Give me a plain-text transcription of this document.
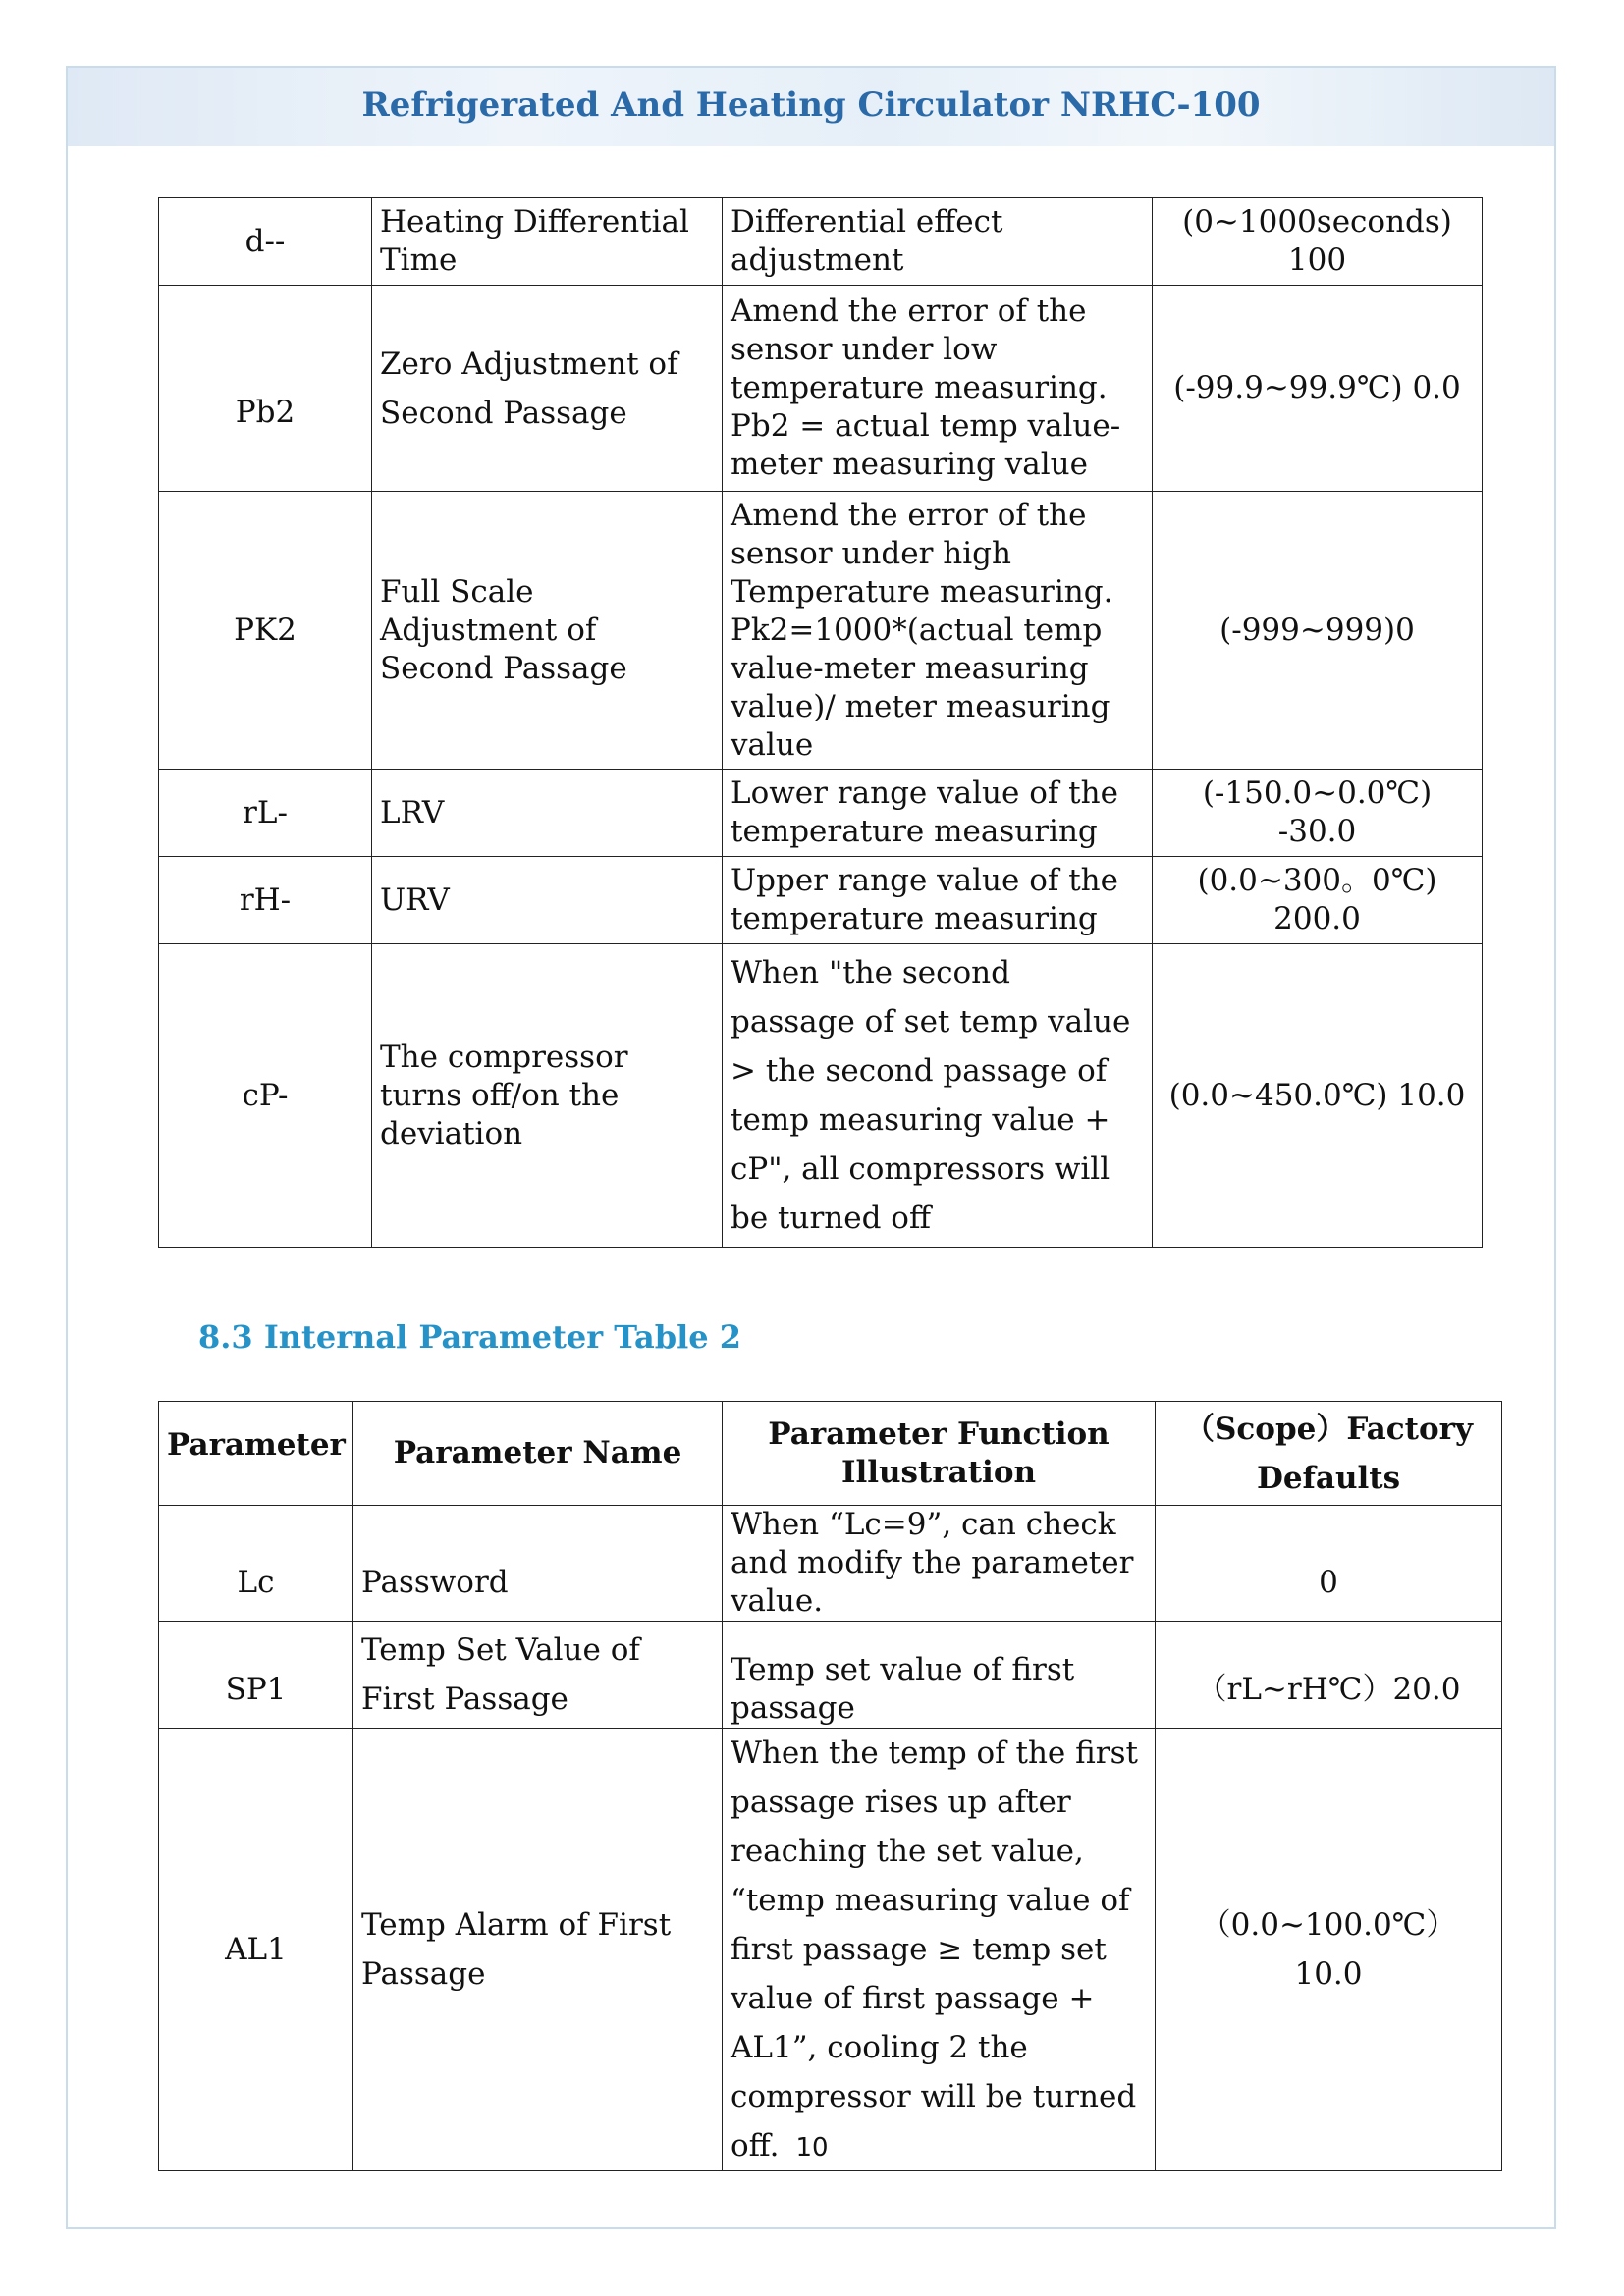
Refrigerated And Heating Circulator NRHC-100
d--	Heating Differential Time	Differential effect adjustment	(0~1000seconds) 100
Pb2	Zero Adjustment of Second Passage	Amend the error of the sensor under low temperature measuring. Pb2 = actual temp value-meter measuring value	(-99.9~99.9℃) 0.0
PK2	Full Scale Adjustment of Second Passage	Amend the error of the sensor under high Temperature measuring. Pk2=1000*(actual temp value-meter measuring value)/ meter measuring value	(-999~999)0
rL-	LRV	Lower range value of the temperature measuring	(-150.0~0.0℃) -30.0
rH-	URV	Upper range value of the temperature measuring	(0.0~300。0℃) 200.0
cP-	The compressor turns off/on the deviation	When "the second passage of set temp value > the second passage of temp measuring value + cP", all compressors will be turned off	(0.0~450.0℃) 10.0
8.3 Internal Parameter Table 2
Parameter	Parameter Name	Parameter Function Illustration	（Scope）Factory Defaults
Lc	Password	When “Lc=9”, can check and modify the parameter value.	0
SP1	Temp Set Value of First Passage	Temp set value of first passage	（rL~rH℃）20.0
AL1	Temp Alarm of First Passage	When the temp of the first passage rises up after reaching the set value, “temp measuring value of first passage ≥ temp set value of first passage + AL1”, cooling 2 the compressor will be turned off.	（0.0~100.0℃） 10.0
10
